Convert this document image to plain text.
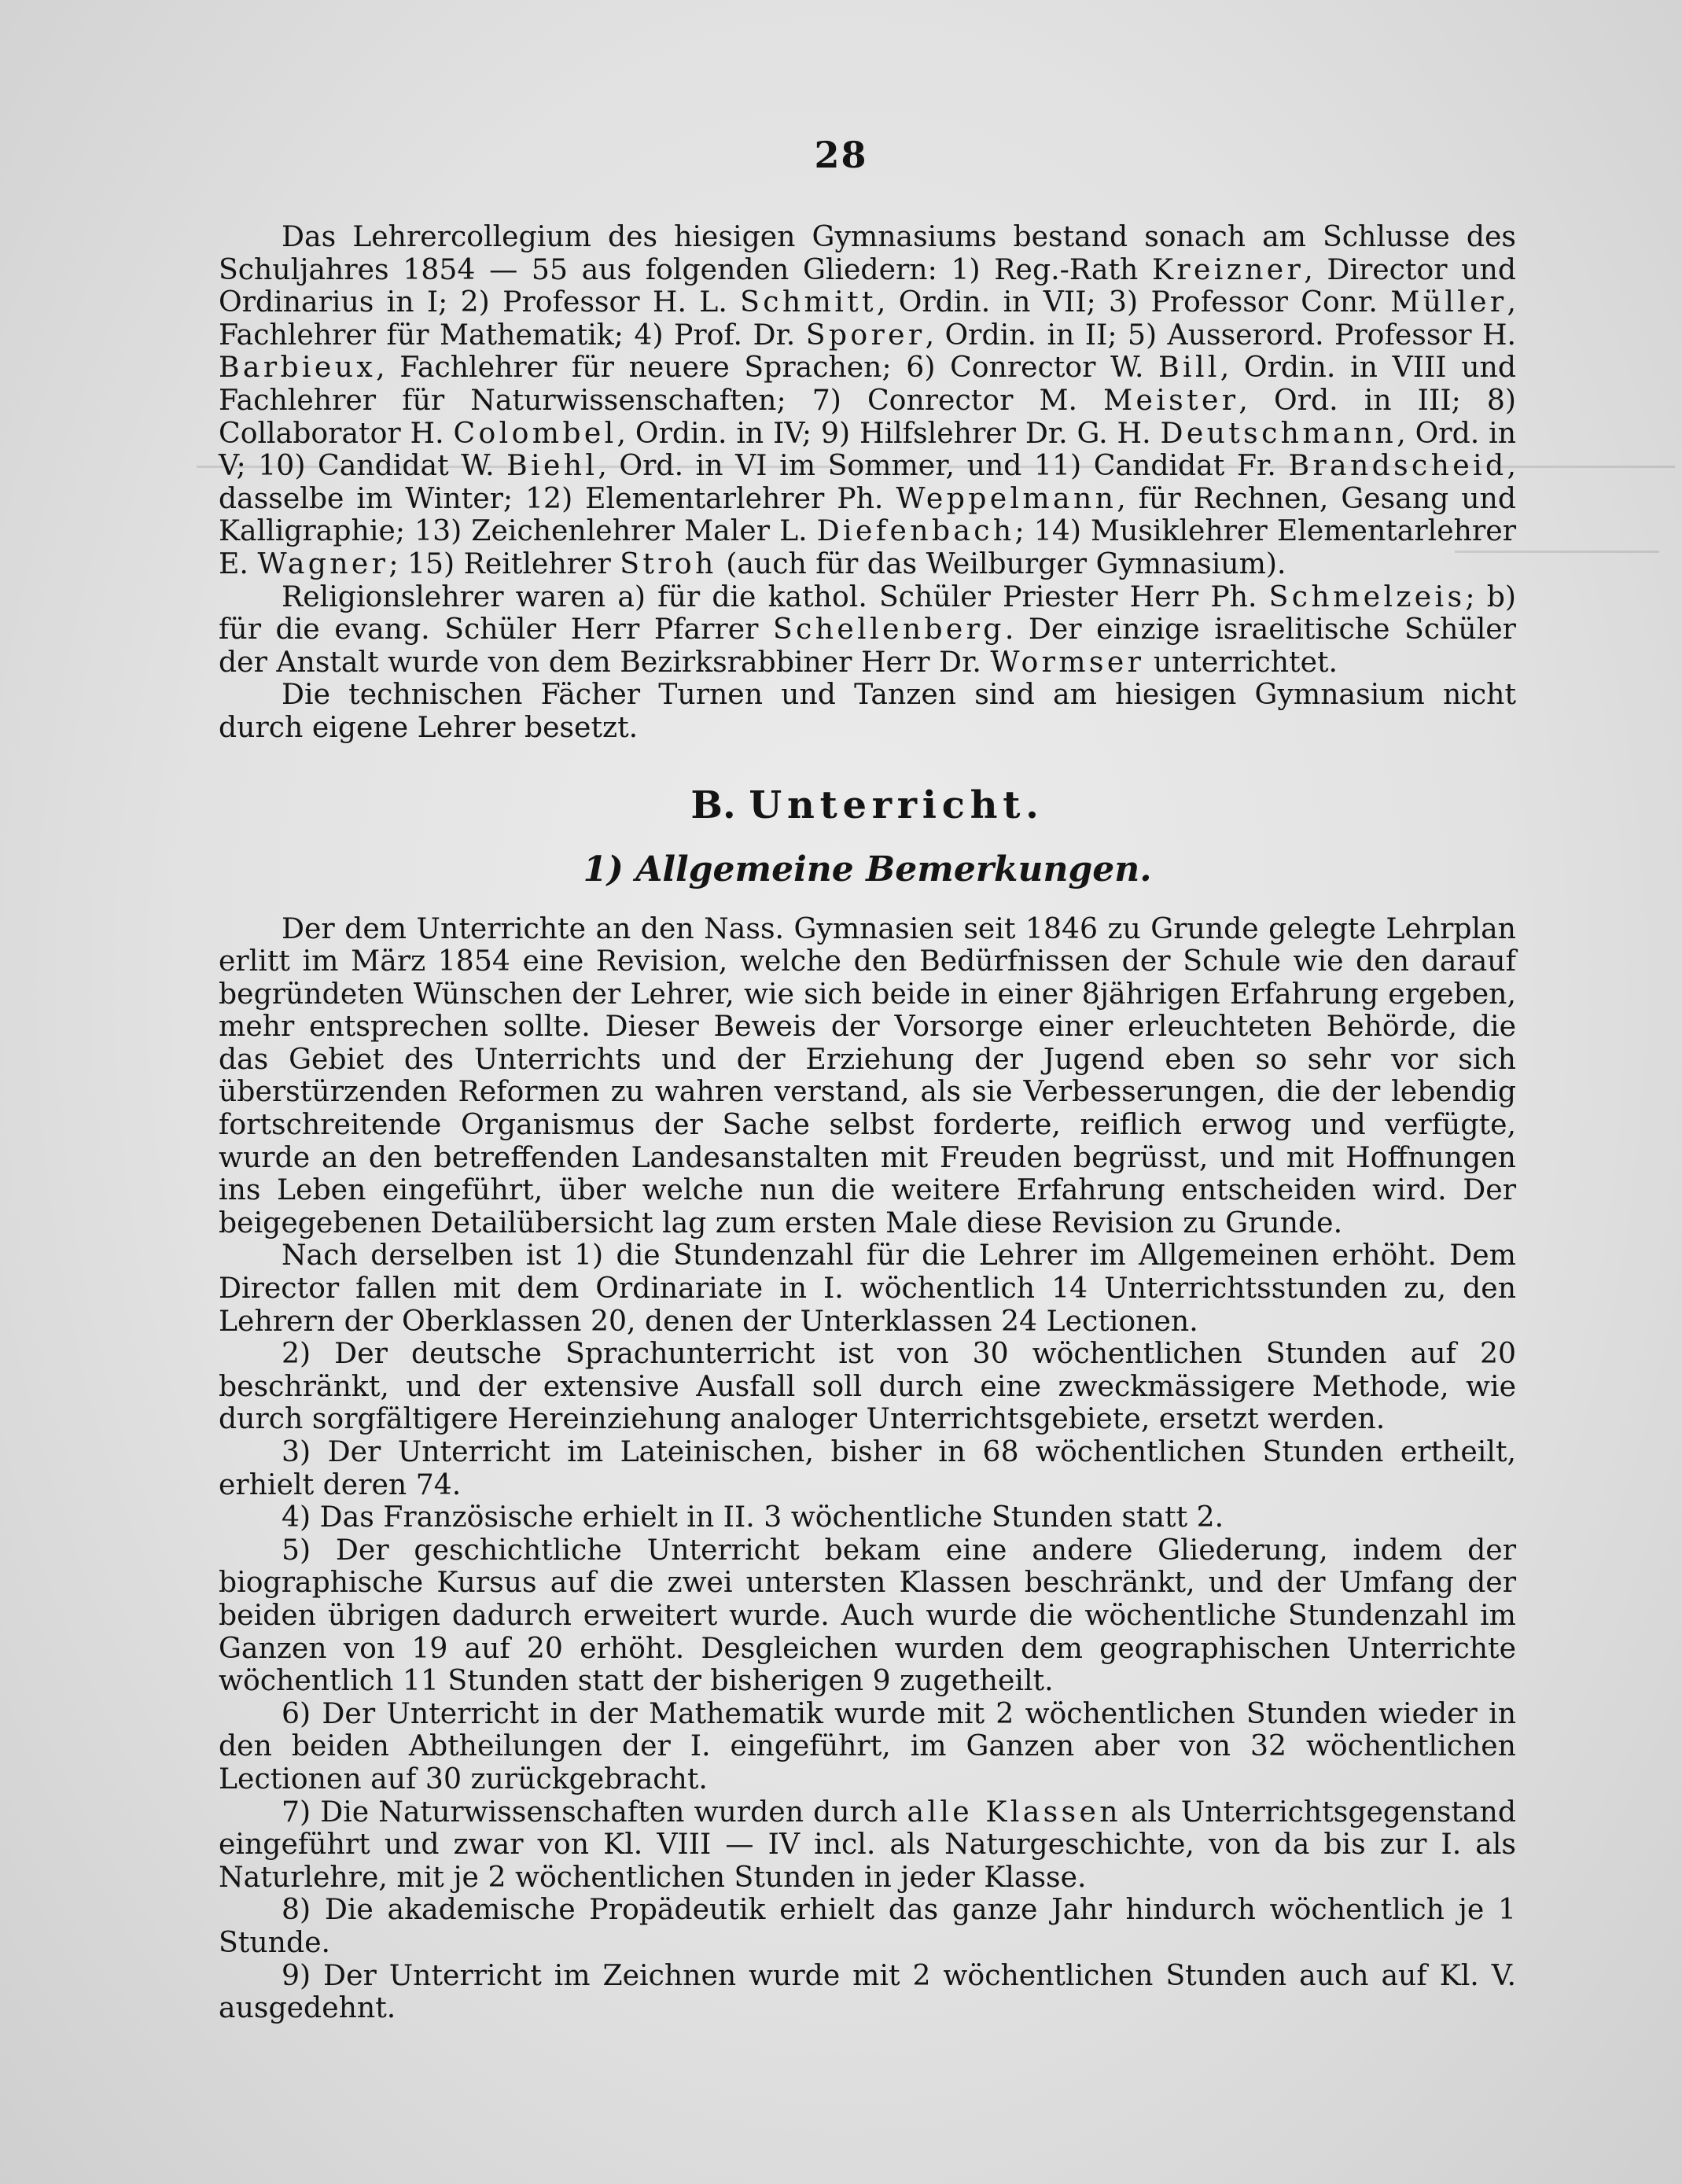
28

Das Lehrercollegium des hiesigen Gymnasiums bestand sonach am Schlusse des Schuljahres 1854 — 55 aus folgenden Gliedern: 1) Reg.-Rath Kreizner, Director und Ordinarius in I; 2) Professor H. L. Schmitt, Ordin. in VII; 3) Professor Conr. Müller, Fachlehrer für Mathematik; 4) Prof. Dr. Sporer, Ordin. in II; 5) Ausserord. Professor H. Barbieux, Fachlehrer für neuere Sprachen; 6) Conrector W. Bill, Ordin. in VIII und Fachlehrer für Naturwissenschaften; 7) Conrector M. Meister, Ord. in III; 8) Collaborator H. Colombel, Ordin. in IV; 9) Hilfslehrer Dr. G. H. Deutschmann, Ord. in V; 10) Candidat W. Biehl, Ord. in VI im Sommer, und 11) Candidat Fr. Brandscheid, dasselbe im Winter; 12) Elementarlehrer Ph. Weppelmann, für Rechnen, Gesang und Kalligraphie; 13) Zeichenlehrer Maler L. Diefenbach; 14) Musiklehrer Elementarlehrer E. Wagner; 15) Reitlehrer Stroh (auch für das Weilburger Gymnasium).

Religionslehrer waren a) für die kathol. Schüler Priester Herr Ph. Schmelzeis; b) für die evang. Schüler Herr Pfarrer Schellenberg. Der einzige israelitische Schüler der Anstalt wurde von dem Bezirksrabbiner Herr Dr. Wormser unterrichtet.

Die technischen Fächer Turnen und Tanzen sind am hiesigen Gymnasium nicht durch eigene Lehrer besetzt.

B. Unterricht.
1) Allgemeine Bemerkungen.

Der dem Unterrichte an den Nass. Gymnasien seit 1846 zu Grunde gelegte Lehrplan erlitt im März 1854 eine Revision, welche den Bedürfnissen der Schule wie den darauf begründeten Wünschen der Lehrer, wie sich beide in einer 8jährigen Erfahrung ergeben, mehr entsprechen sollte. Dieser Beweis der Vorsorge einer erleuchteten Behörde, die das Gebiet des Unterrichts und der Erziehung der Jugend eben so sehr vor sich überstürzenden Reformen zu wahren verstand, als sie Verbesserungen, die der lebendig fortschreitende Organismus der Sache selbst forderte, reiflich erwog und verfügte, wurde an den betreffenden Landesanstalten mit Freuden begrüsst, und mit Hoffnungen ins Leben eingeführt, über welche nun die weitere Erfahrung entscheiden wird. Der beigegebenen Detailübersicht lag zum ersten Male diese Revision zu Grunde.

Nach derselben ist 1) die Stundenzahl für die Lehrer im Allgemeinen erhöht. Dem Director fallen mit dem Ordinariate in I. wöchentlich 14 Unterrichtsstunden zu, den Lehrern der Oberklassen 20, denen der Unterklassen 24 Lectionen.

2) Der deutsche Sprachunterricht ist von 30 wöchentlichen Stunden auf 20 beschränkt, und der extensive Ausfall soll durch eine zweckmässigere Methode, wie durch sorgfältigere Hereinziehung analoger Unterrichtsgebiete, ersetzt werden.

3) Der Unterricht im Lateinischen, bisher in 68 wöchentlichen Stunden ertheilt, erhielt deren 74.

4) Das Französische erhielt in II. 3 wöchentliche Stunden statt 2.

5) Der geschichtliche Unterricht bekam eine andere Gliederung, indem der biographische Kursus auf die zwei untersten Klassen beschränkt, und der Umfang der beiden übrigen dadurch erweitert wurde. Auch wurde die wöchentliche Stundenzahl im Ganzen von 19 auf 20 erhöht. Desgleichen wurden dem geographischen Unterrichte wöchentlich 11 Stunden statt der bisherigen 9 zugetheilt.

6) Der Unterricht in der Mathematik wurde mit 2 wöchentlichen Stunden wieder in den beiden Abtheilungen der I. eingeführt, im Ganzen aber von 32 wöchentlichen Lectionen auf 30 zurückgebracht.

7) Die Naturwissenschaften wurden durch alle Klassen als Unterrichtsgegenstand eingeführt und zwar von Kl. VIII — IV incl. als Naturgeschichte, von da bis zur I. als Naturlehre, mit je 2 wöchentlichen Stunden in jeder Klasse.

8) Die akademische Propädeutik erhielt das ganze Jahr hindurch wöchentlich je 1 Stunde.

9) Der Unterricht im Zeichnen wurde mit 2 wöchentlichen Stunden auch auf Kl. V. ausgedehnt.
